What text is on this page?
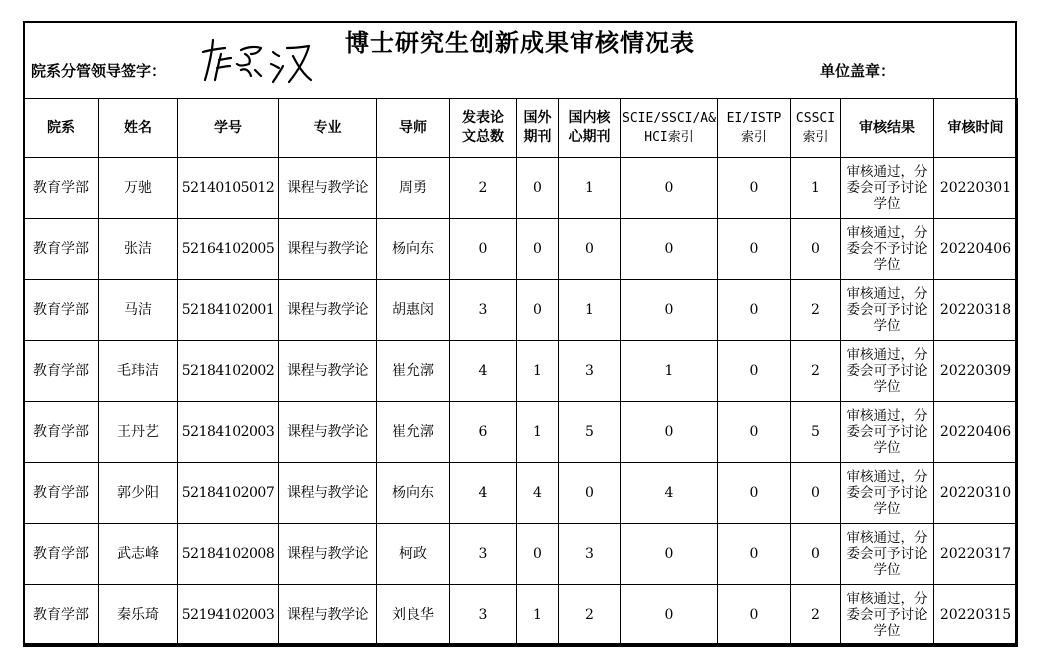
博士研究生创新成果审核情况表
院系分管领导签字：	单位盖章：
院系	姓名	学号	专业	导师	发表论文总数	国外期刊	国内核心期刊	SCIE/SSCI/A&HCI索引	EI/ISTP索引	CSSCI索引	审核结果	审核时间
教育学部	万驰	52140105012	课程与教学论	周勇	2	0	1	0	0	1	审核通过，分委会可予讨论学位	20220301
教育学部	张洁	52164102005	课程与教学论	杨向东	0	0	0	0	0	0	审核通过，分委会不予讨论学位	20220406
教育学部	马洁	52184102001	课程与教学论	胡惠闵	3	0	1	0	0	2	审核通过，分委会可予讨论学位	20220318
教育学部	毛玮洁	52184102002	课程与教学论	崔允漷	4	1	3	1	0	2	审核通过，分委会可予讨论学位	20220309
教育学部	王丹艺	52184102003	课程与教学论	崔允漷	6	1	5	0	0	5	审核通过，分委会可予讨论学位	20220406
教育学部	郭少阳	52184102007	课程与教学论	杨向东	4	4	0	4	0	0	审核通过，分委会可予讨论学位	20220310
教育学部	武志峰	52184102008	课程与教学论	柯政	3	0	3	0	0	0	审核通过，分委会可予讨论学位	20220317
教育学部	秦乐琦	52194102003	课程与教学论	刘良华	3	1	2	0	0	2	审核通过，分委会可予讨论学位	20220315
